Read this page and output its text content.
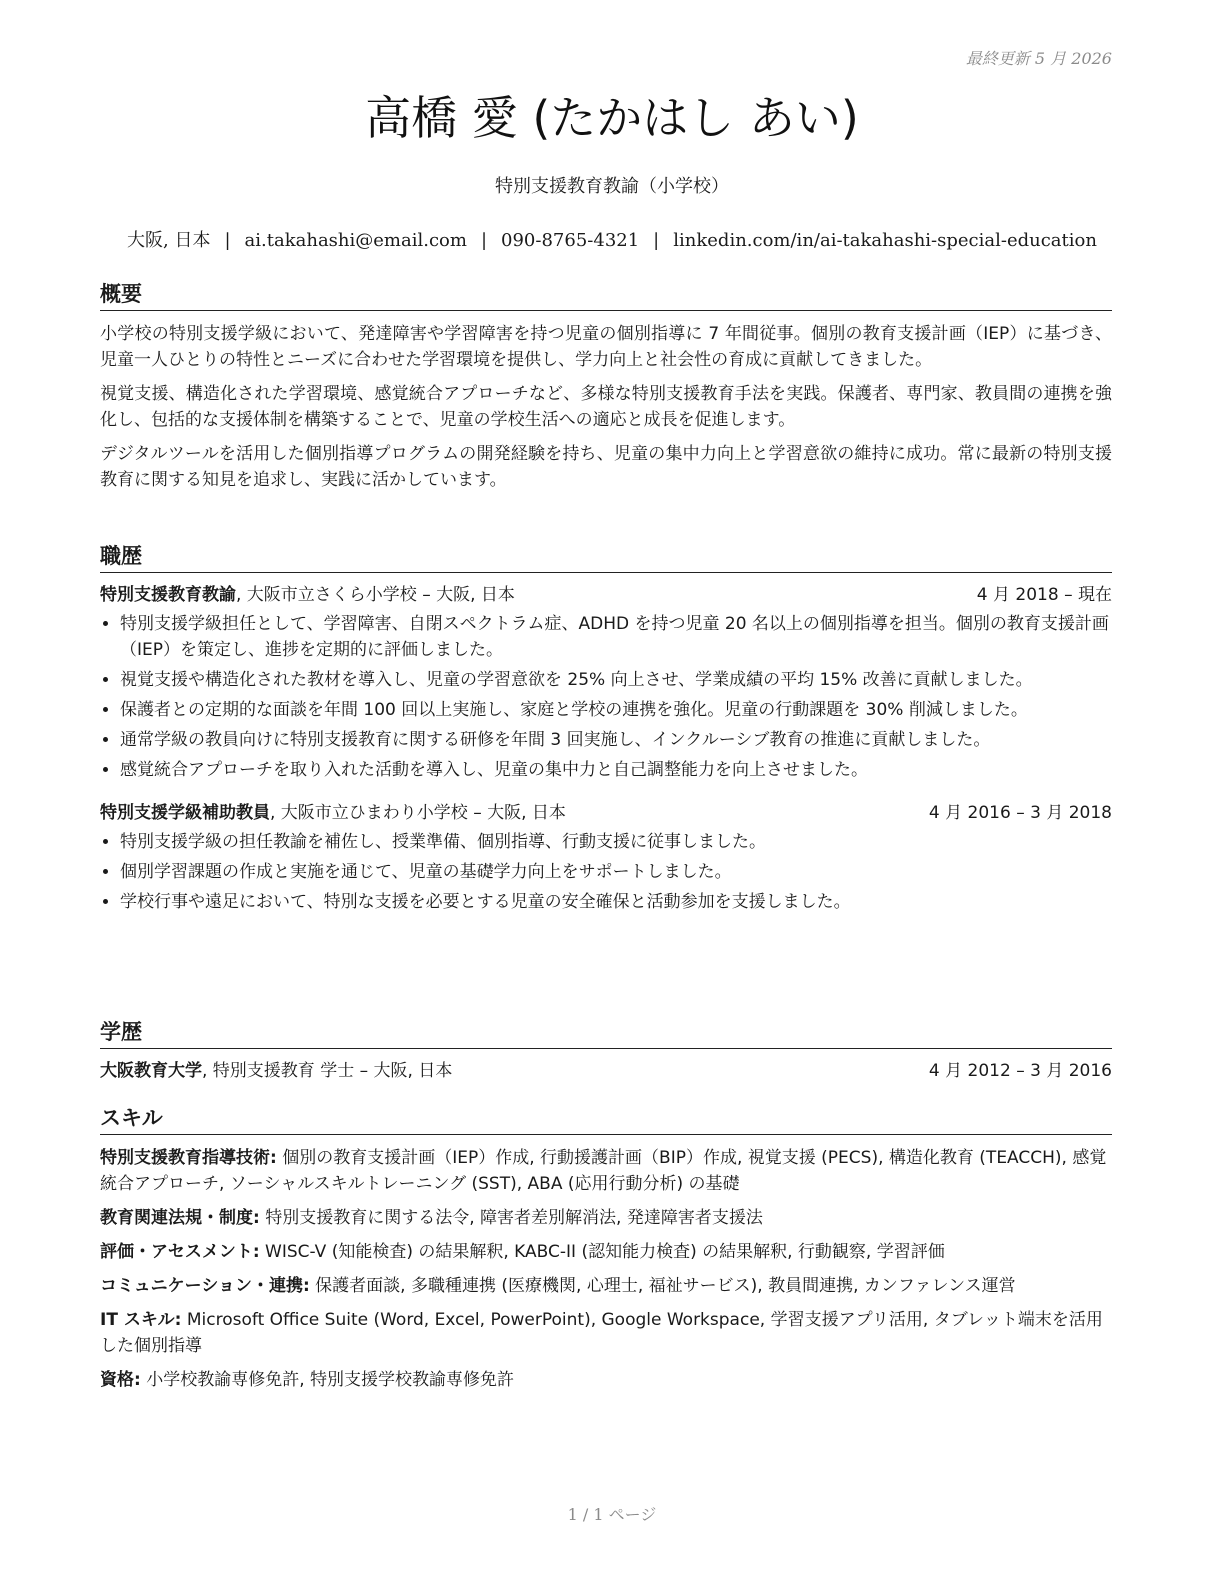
最終更新 5 月 2026
高橋 愛 (たかはし あい)
特別支援教育教諭（小学校）
大阪, 日本 | ai.takahashi@email.com | 090-8765-4321 | linkedin.com/in/ai-takahashi-special-education
概要

小学校の特別支援学級において、発達障害や学習障害を持つ児童の個別指導に 7 年間従事。個別の教育支援計画（IEP）に基づき、児童一人ひとりの特性とニーズに合わせた学習環境を提供し、学力向上と社会性の育成に貢献してきました。

視覚支援、構造化された学習環境、感覚統合アプローチなど、多様な特別支援教育手法を実践。保護者、専門家、教員間の連携を強化し、包括的な支援体制を構築することで、児童の学校生活への適応と成長を促進します。

デジタルツールを活用した個別指導プログラムの開発経験を持ち、児童の集中力向上と学習意欲の維持に成功。常に最新の特別支援教育に関する知見を追求し、実践に活かしています。

職歴
特別支援教育教諭, 大阪市立さくら小学校 – 大阪, 日本	4 月 2018 – 現在
• 特別支援学級担任として、学習障害、自閉スペクトラム症、ADHD を持つ児童 20 名以上の個別指導を担当。個別の教育支援計画（IEP）を策定し、進捗を定期的に評価しました。
• 視覚支援や構造化された教材を導入し、児童の学習意欲を 25% 向上させ、学業成績の平均 15% 改善に貢献しました。
• 保護者との定期的な面談を年間 100 回以上実施し、家庭と学校の連携を強化。児童の行動課題を 30% 削減しました。
• 通常学級の教員向けに特別支援教育に関する研修を年間 3 回実施し、インクルーシブ教育の推進に貢献しました。
• 感覚統合アプローチを取り入れた活動を導入し、児童の集中力と自己調整能力を向上させました。
特別支援学級補助教員, 大阪市立ひまわり小学校 – 大阪, 日本	4 月 2016 – 3 月 2018
• 特別支援学級の担任教諭を補佐し、授業準備、個別指導、行動支援に従事しました。
• 個別学習課題の作成と実施を通じて、児童の基礎学力向上をサポートしました。
• 学校行事や遠足において、特別な支援を必要とする児童の安全確保と活動参加を支援しました。
学歴
大阪教育大学, 特別支援教育 学士 – 大阪, 日本	4 月 2012 – 3 月 2016
スキル
特別支援教育指導技術: 個別の教育支援計画（IEP）作成, 行動援護計画（BIP）作成, 視覚支援 (PECS), 構造化教育 (TEACCH), 感覚統合アプローチ, ソーシャルスキルトレーニング (SST), ABA (応用行動分析) の基礎
教育関連法規・制度: 特別支援教育に関する法令, 障害者差別解消法, 発達障害者支援法
評価・アセスメント: WISC-V (知能検査) の結果解釈, KABC-II (認知能力検査) の結果解釈, 行動観察, 学習評価
コミュニケーション・連携: 保護者面談, 多職種連携 (医療機関, 心理士, 福祉サービス), 教員間連携, カンファレンス運営
IT スキル: Microsoft Office Suite (Word, Excel, PowerPoint), Google Workspace, 学習支援アプリ活用, タブレット端末を活用した個別指導
資格: 小学校教諭専修免許, 特別支援学校教諭専修免許
1 / 1 ページ
